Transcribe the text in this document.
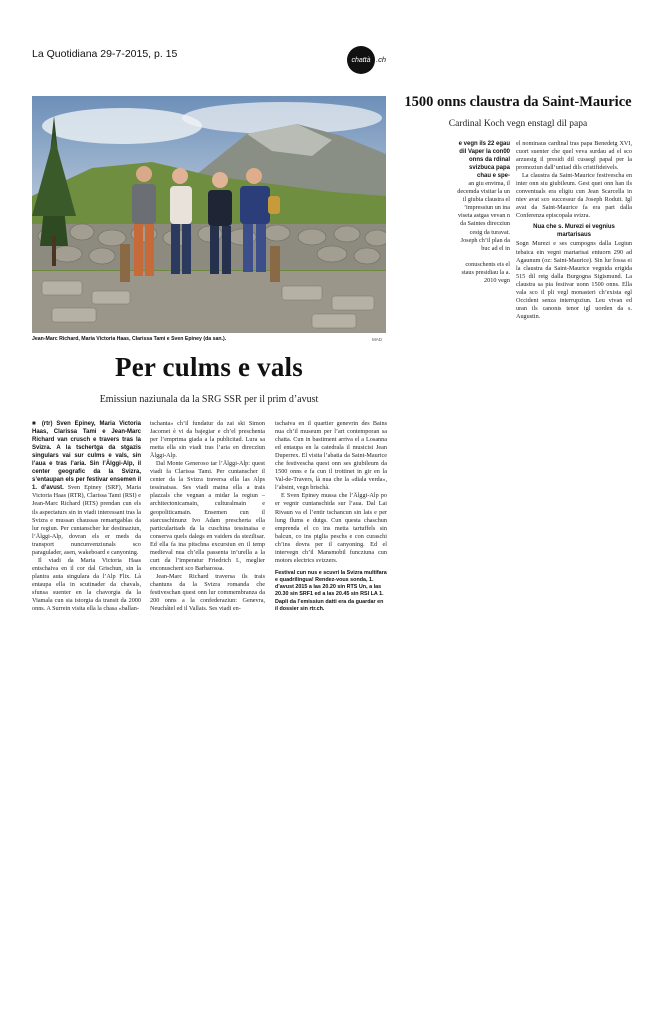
La Quotidiana 29-7-2015, p. 15	chattà .ch
Jean-Marc Richard, Maria Victoria Haas, Clarissa Tami e Sven Epiney (da san.).	MAD
Per culms e vals
Emissiun naziunala da la SRG SSR per il prim d’avust

■ (rtr) Sven Epiney, Maria Victoria Haas, Clarissa Tami e Jean-Marc Richard van crusch e travers tras la Svizra. A la tschertga da stgazis singulars vai sur culms e vals, sin l’aua e tras l’aria. Sin l’Älggi-Alp, il center geografic da la Svizra, s’entaupan els per festivar ensemen il 1. d’avust. Sven Epiney (SRF), Maria Victoria Haas (RTR), Clarissa Tami (RSI) e Jean-Marc Richard (RTS) prendan cun els ils aspectaturs sin in viadi interessant tras la Svizra e mussan chaussas remartgablas da lur regiun. Per cuntanscher lur destinaziun, l’Älggi-Alp, dovran els er meds da transport nuncunvenziunals sco paragulader, asen, wakeboard e canyoning.

Il viadi da Maria Victoria Haas entschaiva en il cor dal Grischun, sin la planira auta singulara da l’Alp Flix. Là entaupa ella in scutinader da chavals, sfunsa suenter en la chavorgia da la Viamala cun sia istorgia da transit da 2000 onns. A Surrein visita ella la chasa «ballan-

tschanta» ch’il fundatur da zai ski Simon Jacomet è vi da bajegiar e ch’el preschenta per l’emprima giada a la publicitad. Lura sa metta ella sin viadi tras l’aria en direcziun Älggi-Alp.

Dal Monte Generoso tar l’Älggi-Alp: quest viadi fa Clarissa Tami. Per cuntanscher il center da la Svizra traversa ella las Alps tessinaisas. Ses viadi maina ella a trais plazzals che vegnan a midar la regiun – architectonicamain, culturalmain e geopoliticamain. Ensemen cun il starcuschinunz Ivo Adam prescherta ella particularitads da la cuschina tessinaisa e conserva quels dalegs en vaiders da stezilisar. Ed ella fa ina pitschna excursiun en il temp medieval nua ch’ella passenta in’urella a la curt da l’imperatur Friedrich I., meglier enconuschent sco Barbarossa.

Jean-Marc Richard traversa ils trais chantuns da la Svizra romanda che festiveschan quest onn lur commembranza da 200 onns a la confederaziun: Genevra, Neuchâtel ed il Vallais. Ses viadi en-

tschaiva en il quartier genevrin des Bains nua ch’il museum per l’art contemporan sa chatta. Cun in bastiment arriva el a Losanna ed entaupa en la catedrala il musicist Jean Duperrex. El visita l’abatia da Saint-Maurice che festivescha quest onn ses giubileum da 1500 onns e fa cun il trottinet in gir en la Val-de-Travers, là nua che la «diala verda», l’absint, vegn brischà.

E Sven Epiney mussa che l’Älggi-Alp po er vegnir cuntanschida sur l’aua. Dal Lai Rivaun va el l’entir tschancun sin lais e per lung flums e dutgs. Cun questa chaschun emprenda el co ins metta tartuffels sin balcun, co ins piglia peschs e con curaschi ch’ins dovra per il canyoning. Ed el intervegn ch’il Mansmobil funcziuna cun motors electrics svizzers.

Festival cun nus e scuvri la Svizra multifara e quadrilingua! Rendez-vous sonda, 1. d’avust 2015 a las 20.20 sin RTS Un, a las 20.30 sin SRF1 ed a las 20.45 sin RSI LA 1. Dapli da l’emissiun datti era da guardar en il dossier sin rtr.ch.
1500 onns claustra da Saint-Maurice
Cardinal Koch vegn enstagl dil papa
e vegn ils 22 egau dil Vaper la con00 onns da rdinal svizbuca papa chau e spe-
an giu envima, il decemda visitar la un il giubia claustra el ’impressiun un ina viseta astgas vevan n da Saintes direcziun cestg da turavat. Joseph ch’il plan da buc ad el in
conuschents eis el staus presidiau la a. 2010 vegn

el nominaus cardinal tras papa Benedetg XVI, cuort suenter che quel veva surdau ad el sco arzuestg il presidi dil cussegl papal per la promoziun dall’unitad dils cristifideivels.

La claustra da Saint-Maurice festivescha en inter onn siu giubileum. Gest quei onn han ils conventuals era eligiu cun Jean Scarcella in niev avat sco successur da Joseph Roduit. Igl avat da Saint-Maurice fa era part dalla Conferenza episcopala svizra.

Nua che s. Murezi ei vegnius martarisaus

Sogn Murezi e ses cumpogns dalla Legiun tebaica ein vegni martarisai entuorn 290 ad Agaunum (oz: Saint-Maurice). Sin lur fossa ei la claustra da Saint-Maurice vegnida erigida 515 dil retg dalla Burgogna Sigismund. La claustra sa pia festivar uonn 1500 onns. Ella vala sco il pli vegl monasteri ch’exista egl Occident senza interrupziun. Leu vivan ed uran ils canonis tenor igl uorden da s. Augustin.
